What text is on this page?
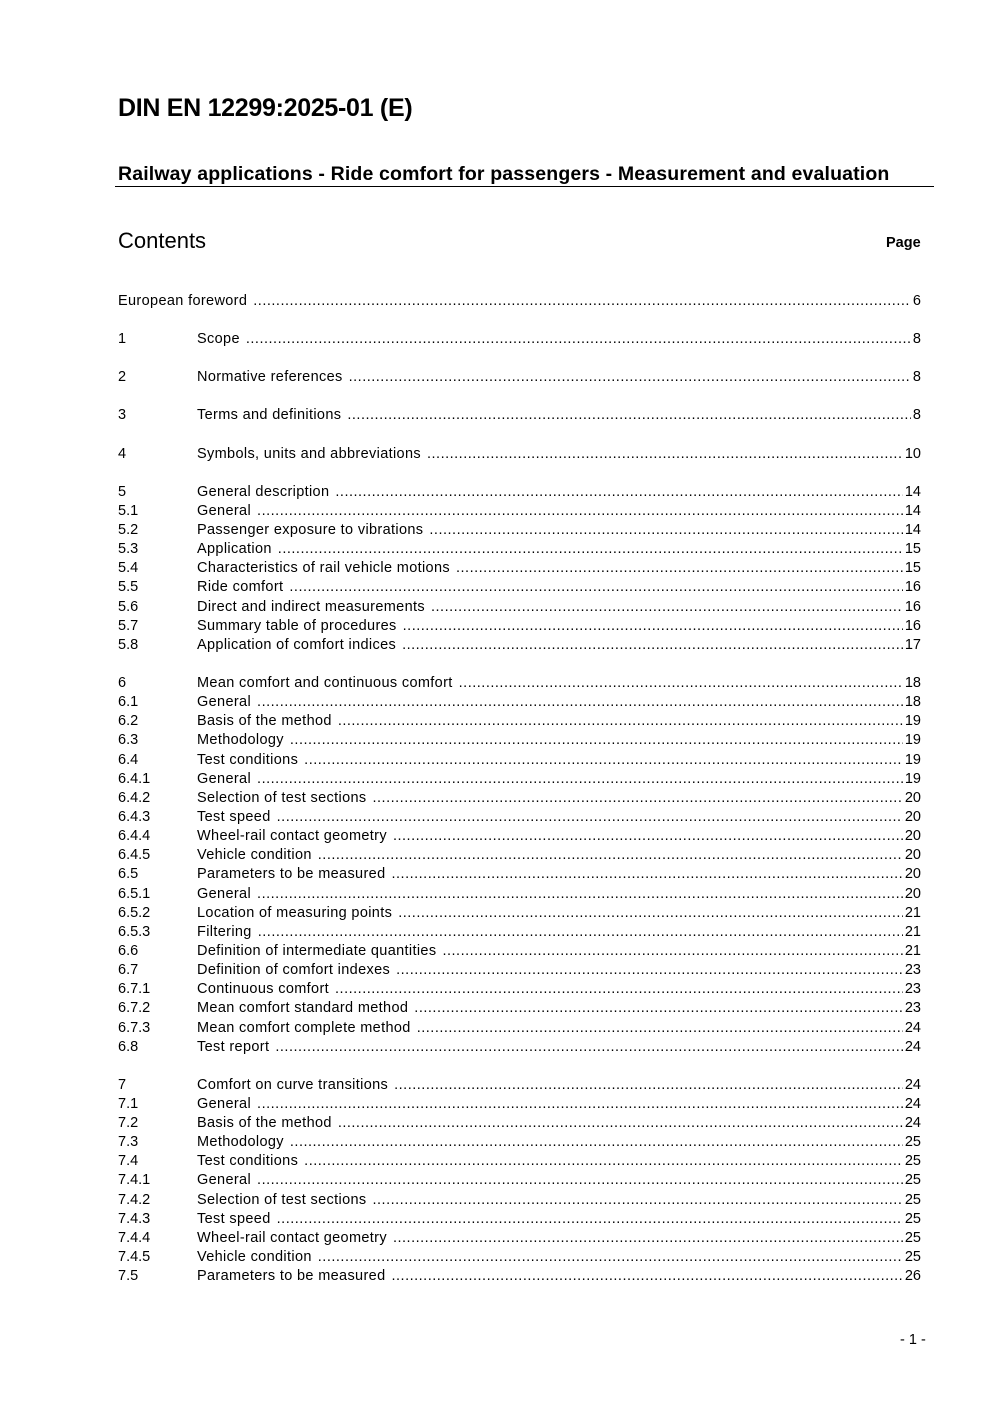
DIN EN 12299:2025-01 (E)
Railway applications - Ride comfort for passengers - Measurement and evaluation
Contents	Page
European foreword .....	6
1	Scope .....	8
2	Normative references .....	8
3	Terms and definitions .....	8
4	Symbols, units and abbreviations .....	10
5	General description .....	14
5.1	General .....	14
5.2	Passenger exposure to vibrations .....	14
5.3	Application .....	15
5.4	Characteristics of rail vehicle motions .....	15
5.5	Ride comfort .....	16
5.6	Direct and indirect measurements .....	16
5.7	Summary table of procedures .....	16
5.8	Application of comfort indices .....	17
6	Mean comfort and continuous comfort .....	18
6.1	General .....	18
6.2	Basis of the method .....	19
6.3	Methodology .....	19
6.4	Test conditions .....	19
6.4.1	General .....	19
6.4.2	Selection of test sections .....	20
6.4.3	Test speed .....	20
6.4.4	Wheel-rail contact geometry .....	20
6.4.5	Vehicle condition .....	20
6.5	Parameters to be measured .....	20
6.5.1	General .....	20
6.5.2	Location of measuring points .....	21
6.5.3	Filtering .....	21
6.6	Definition of intermediate quantities .....	21
6.7	Definition of comfort indexes .....	23
6.7.1	Continuous comfort .....	23
6.7.2	Mean comfort standard method .....	23
6.7.3	Mean comfort complete method .....	24
6.8	Test report .....	24
7	Comfort on curve transitions .....	24
7.1	General .....	24
7.2	Basis of the method .....	24
7.3	Methodology .....	25
7.4	Test conditions .....	25
7.4.1	General .....	25
7.4.2	Selection of test sections .....	25
7.4.3	Test speed .....	25
7.4.4	Wheel-rail contact geometry .....	25
7.4.5	Vehicle condition .....	25
7.5	Parameters to be measured .....	26
- 1 -
